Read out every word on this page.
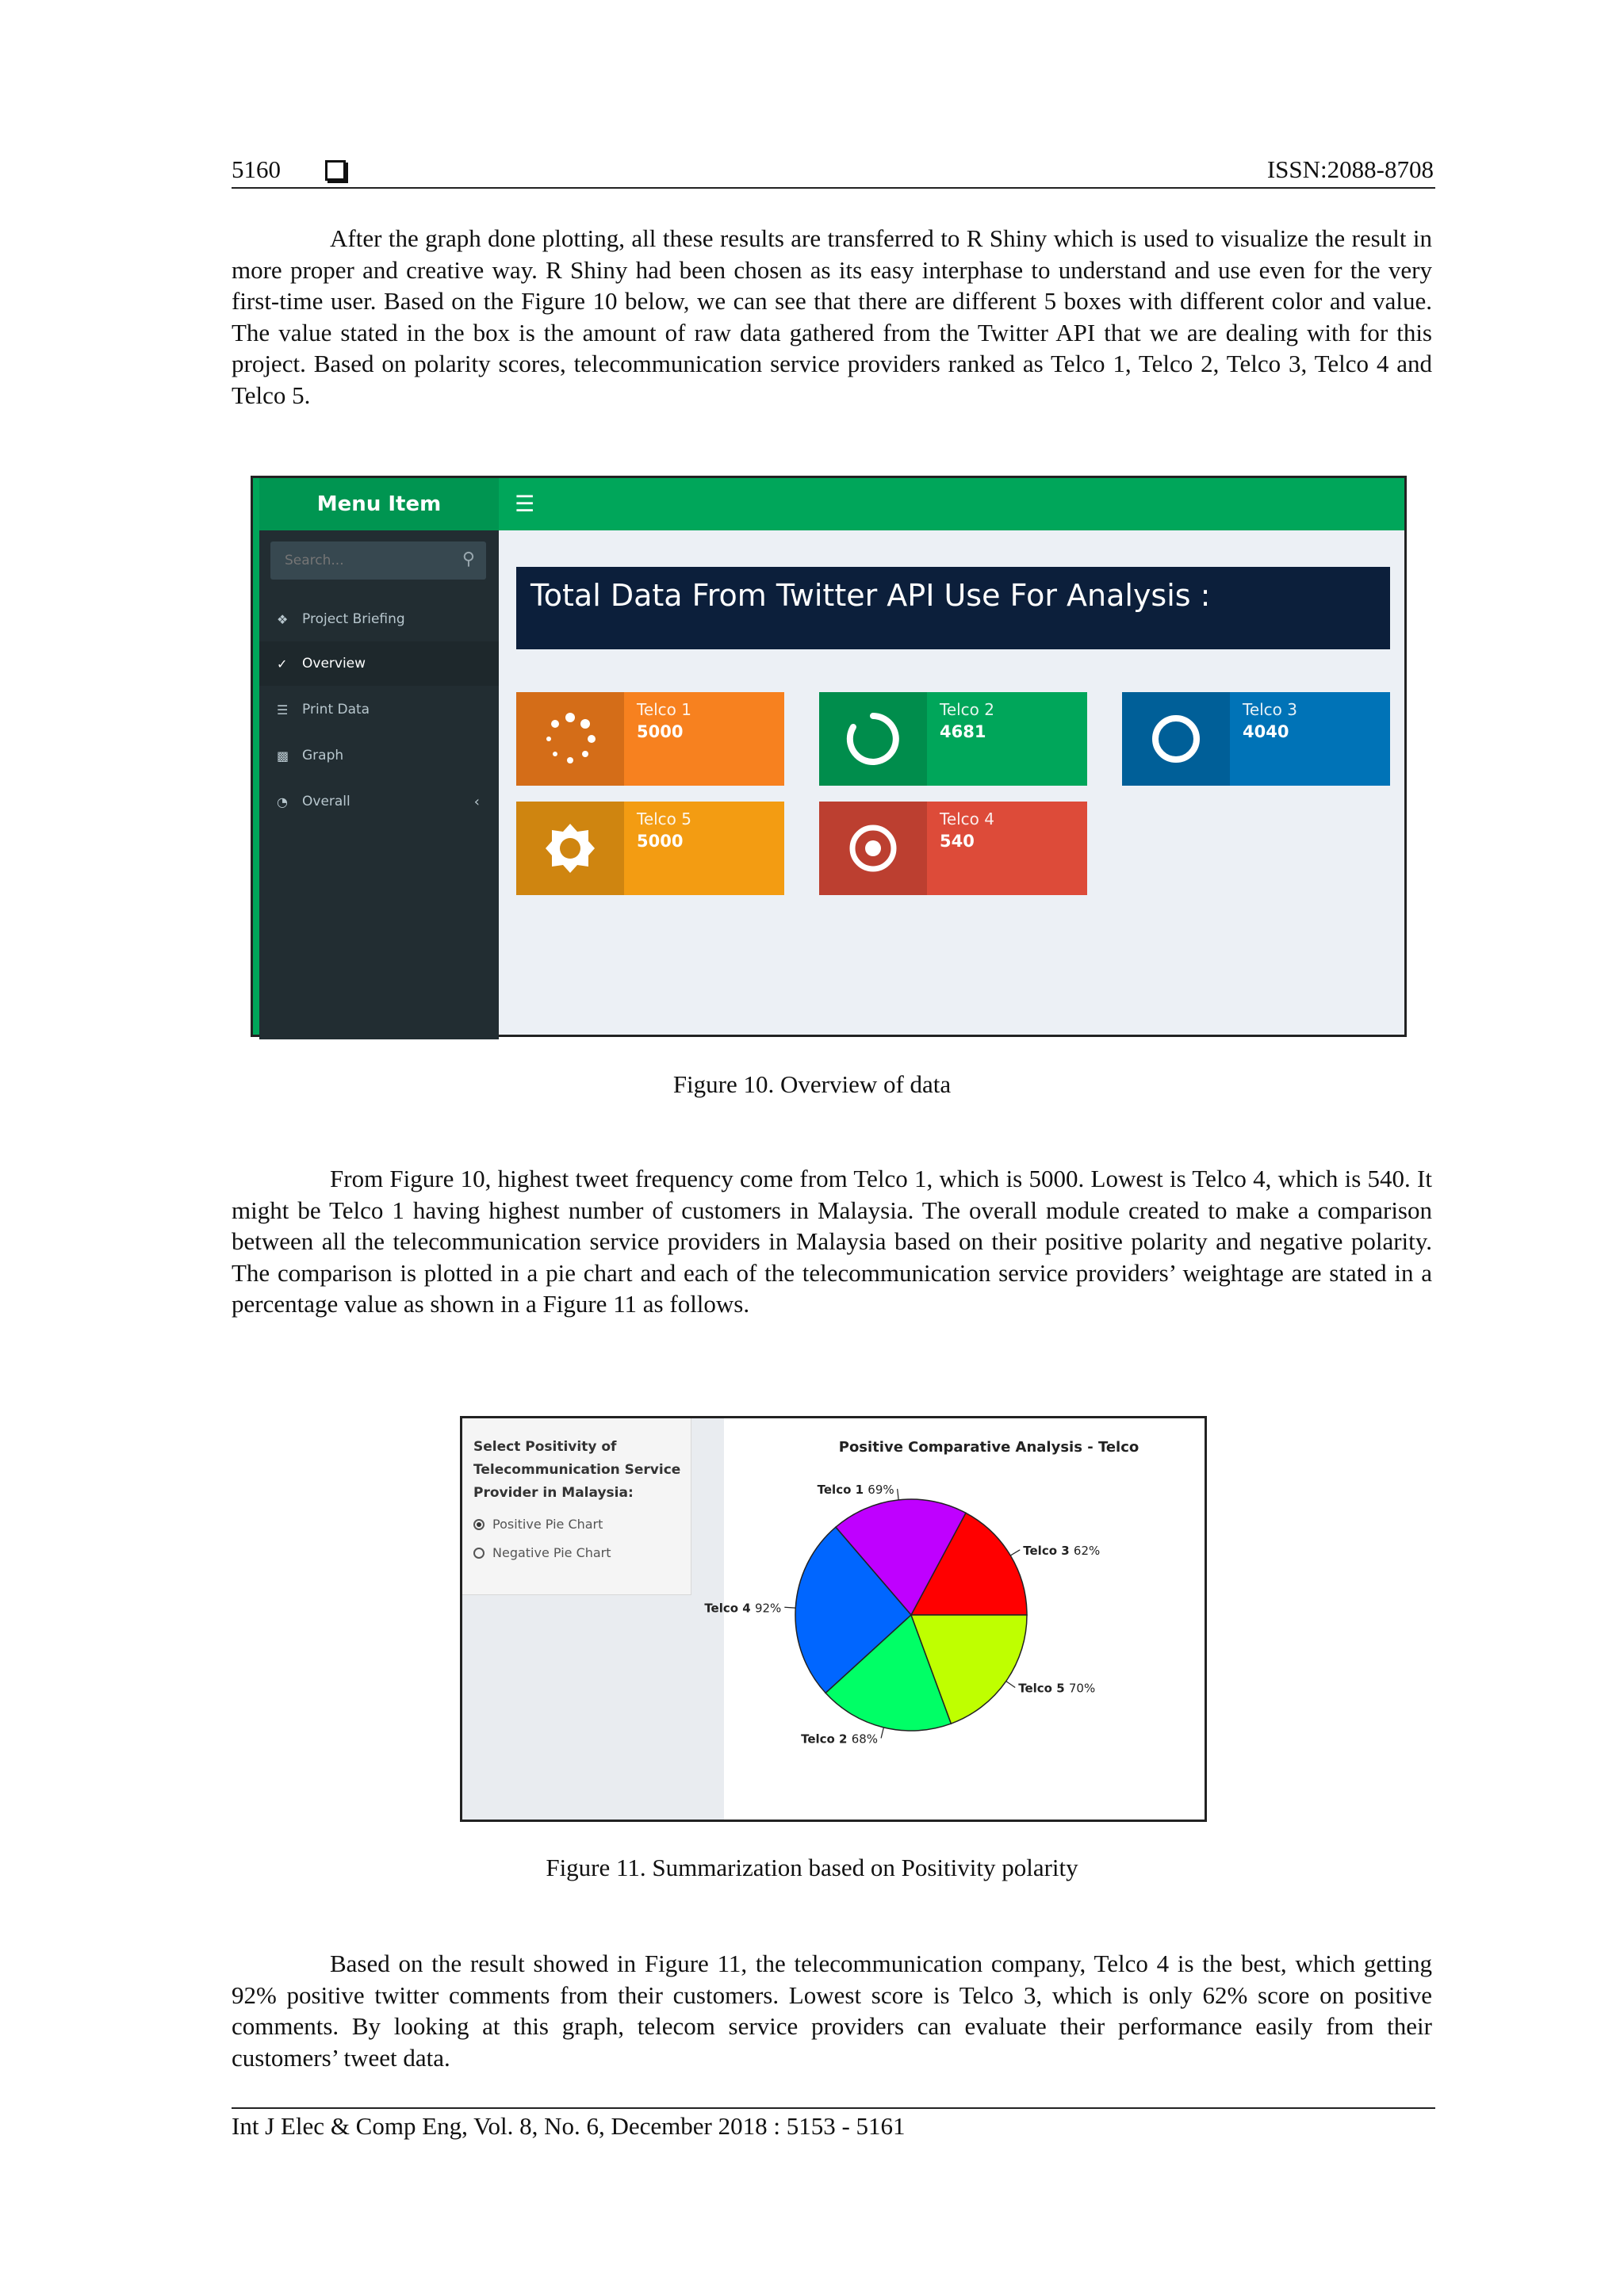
5160	ISSN:2088-8708

After the graph done plotting, all these results are transferred to R Shiny which is used to visualize the result in more proper and creative way. R Shiny had been chosen as its easy interphase to understand and use even for the very first-time user. Based on the Figure 10 below, we can see that there are different 5 boxes with different color and value. The value stated in the box is the amount of raw data gathered from the Twitter API that we are dealing with for this project. Based on polarity scores, telecommunication service providers ranked as Telco 1, Telco 2, Telco 3, Telco 4 and Telco 5.

Menu Item	☰
Search...
⚲
❖	Project Briefing
✓	Overview
☰	Print Data
▩ Graph
◔	Overall	‹
Total Data From Twitter API Use For Analysis :
Telco 1
5000
Telco 2
4681
Telco 3
4040
Telco 5
5000
Telco 4
540
Figure 10. Overview of data

From Figure 10, highest tweet frequency come from Telco 1, which is 5000. Lowest is Telco 4, which is 540. It might be Telco 1 having highest number of customers in Malaysia. The overall module created to make a comparison between all the telecommunication service providers in Malaysia based on their positive polarity and negative polarity. The comparison is plotted in a pie chart and each of the telecommunication service providers’ weightage are stated in a percentage value as shown in a Figure 11 as follows.

Select Positivity of Telecommunication Service Provider in Malaysia:
Positive Pie Chart
Negative Pie Chart
Positive Comparative Analysis - Telco
Telco 3 62%
Telco 1 69%
Telco 4 92%
Telco 2 68%
Telco 5 70%
Figure 11. Summarization based on Positivity polarity

Based on the result showed in Figure 11, the telecommunication company, Telco 4 is the best, which getting 92% positive twitter comments from their customers. Lowest score is Telco 3, which is only 62% score on positive comments. By looking at this graph, telecom service providers can evaluate their performance easily from their customers’ tweet data.

Int J Elec & Comp Eng, Vol. 8, No. 6, December 2018 : 5153 - 5161
